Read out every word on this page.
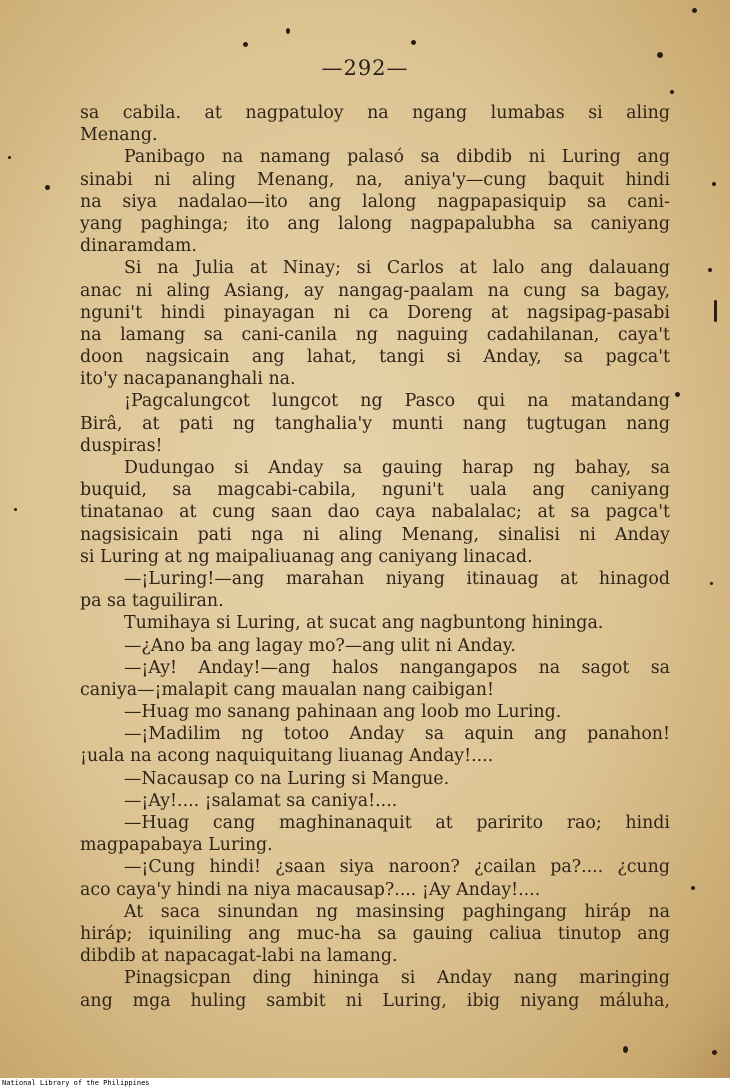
—292—
sa cabila. at nagpatuloy na ngang lumabas si aling
Menang.
Panibago na namang palasó sa dibdib ni Luring ang
sinabi ni aling Menang, na, aniya'y—cung baquit hindi
na siya nadalao—ito ang lalong nagpapasiquip sa cani-
yang paghinga; ito ang lalong nagpapalubha sa caniyang
dinaramdam.
Si na Julia at Ninay; si Carlos at lalo ang dalauang
anac ni aling Asiang, ay nangag-paalam na cung sa bagay,
nguni't hindi pinayagan ni ca Doreng at nagsipag-pasabi
na lamang sa cani-canila ng naguing cadahilanan, caya't
doon nagsicain ang lahat, tangi si Anday, sa pagca't
ito'y nacapananghali na.
¡Pagcalungcot lungcot ng Pasco qui na matandang
Birâ, at pati ng tanghalia'y munti nang tugtugan nang
duspiras!
Dudungao si Anday sa gauing harap ng bahay, sa
buquid, sa magcabi-cabila, nguni't uala ang caniyang
tinatanao at cung saan dao caya nabalalac; at sa pagca't
nagsisicain pati nga ni aling Menang, sinalisi ni Anday
si Luring at ng maipaliuanag ang caniyang linacad.
—¡Luring!—ang marahan niyang itinauag at hinagod
pa sa taguiliran.
Tumihaya si Luring, at sucat ang nagbuntong hininga.
—¿Ano ba ang lagay mo?—ang ulit ni Anday.
—¡Ay! Anday!—ang halos nangangapos na sagot sa
caniya—¡malapit cang maualan nang caibigan!
—Huag mo sanang pahinaan ang loob mo Luring.
—¡Madilim ng totoo Anday sa aquin ang panahon!
¡uala na acong naquiquitang liuanag Anday!....
—Nacausap co na Luring si Mangue.
—¡Ay!.... ¡salamat sa caniya!....
—Huag cang maghinanaquit at paririto rao; hindi
magpapabaya Luring.
—¡Cung hindi! ¿saan siya naroon? ¿cailan pa?.... ¿cung
aco caya'y hindi na niya macausap?.... ¡Ay Anday!....
At saca sinundan ng masinsing paghingang hiráp na
hiráp; iquiniling ang muc-ha sa gauing caliua tinutop ang
dibdib at napacagat-labi na lamang.
Pinagsicpan ding hininga si Anday nang maringing
ang mga huling sambit ni Luring, ibig niyang máluha,
National Library of the Philippines
